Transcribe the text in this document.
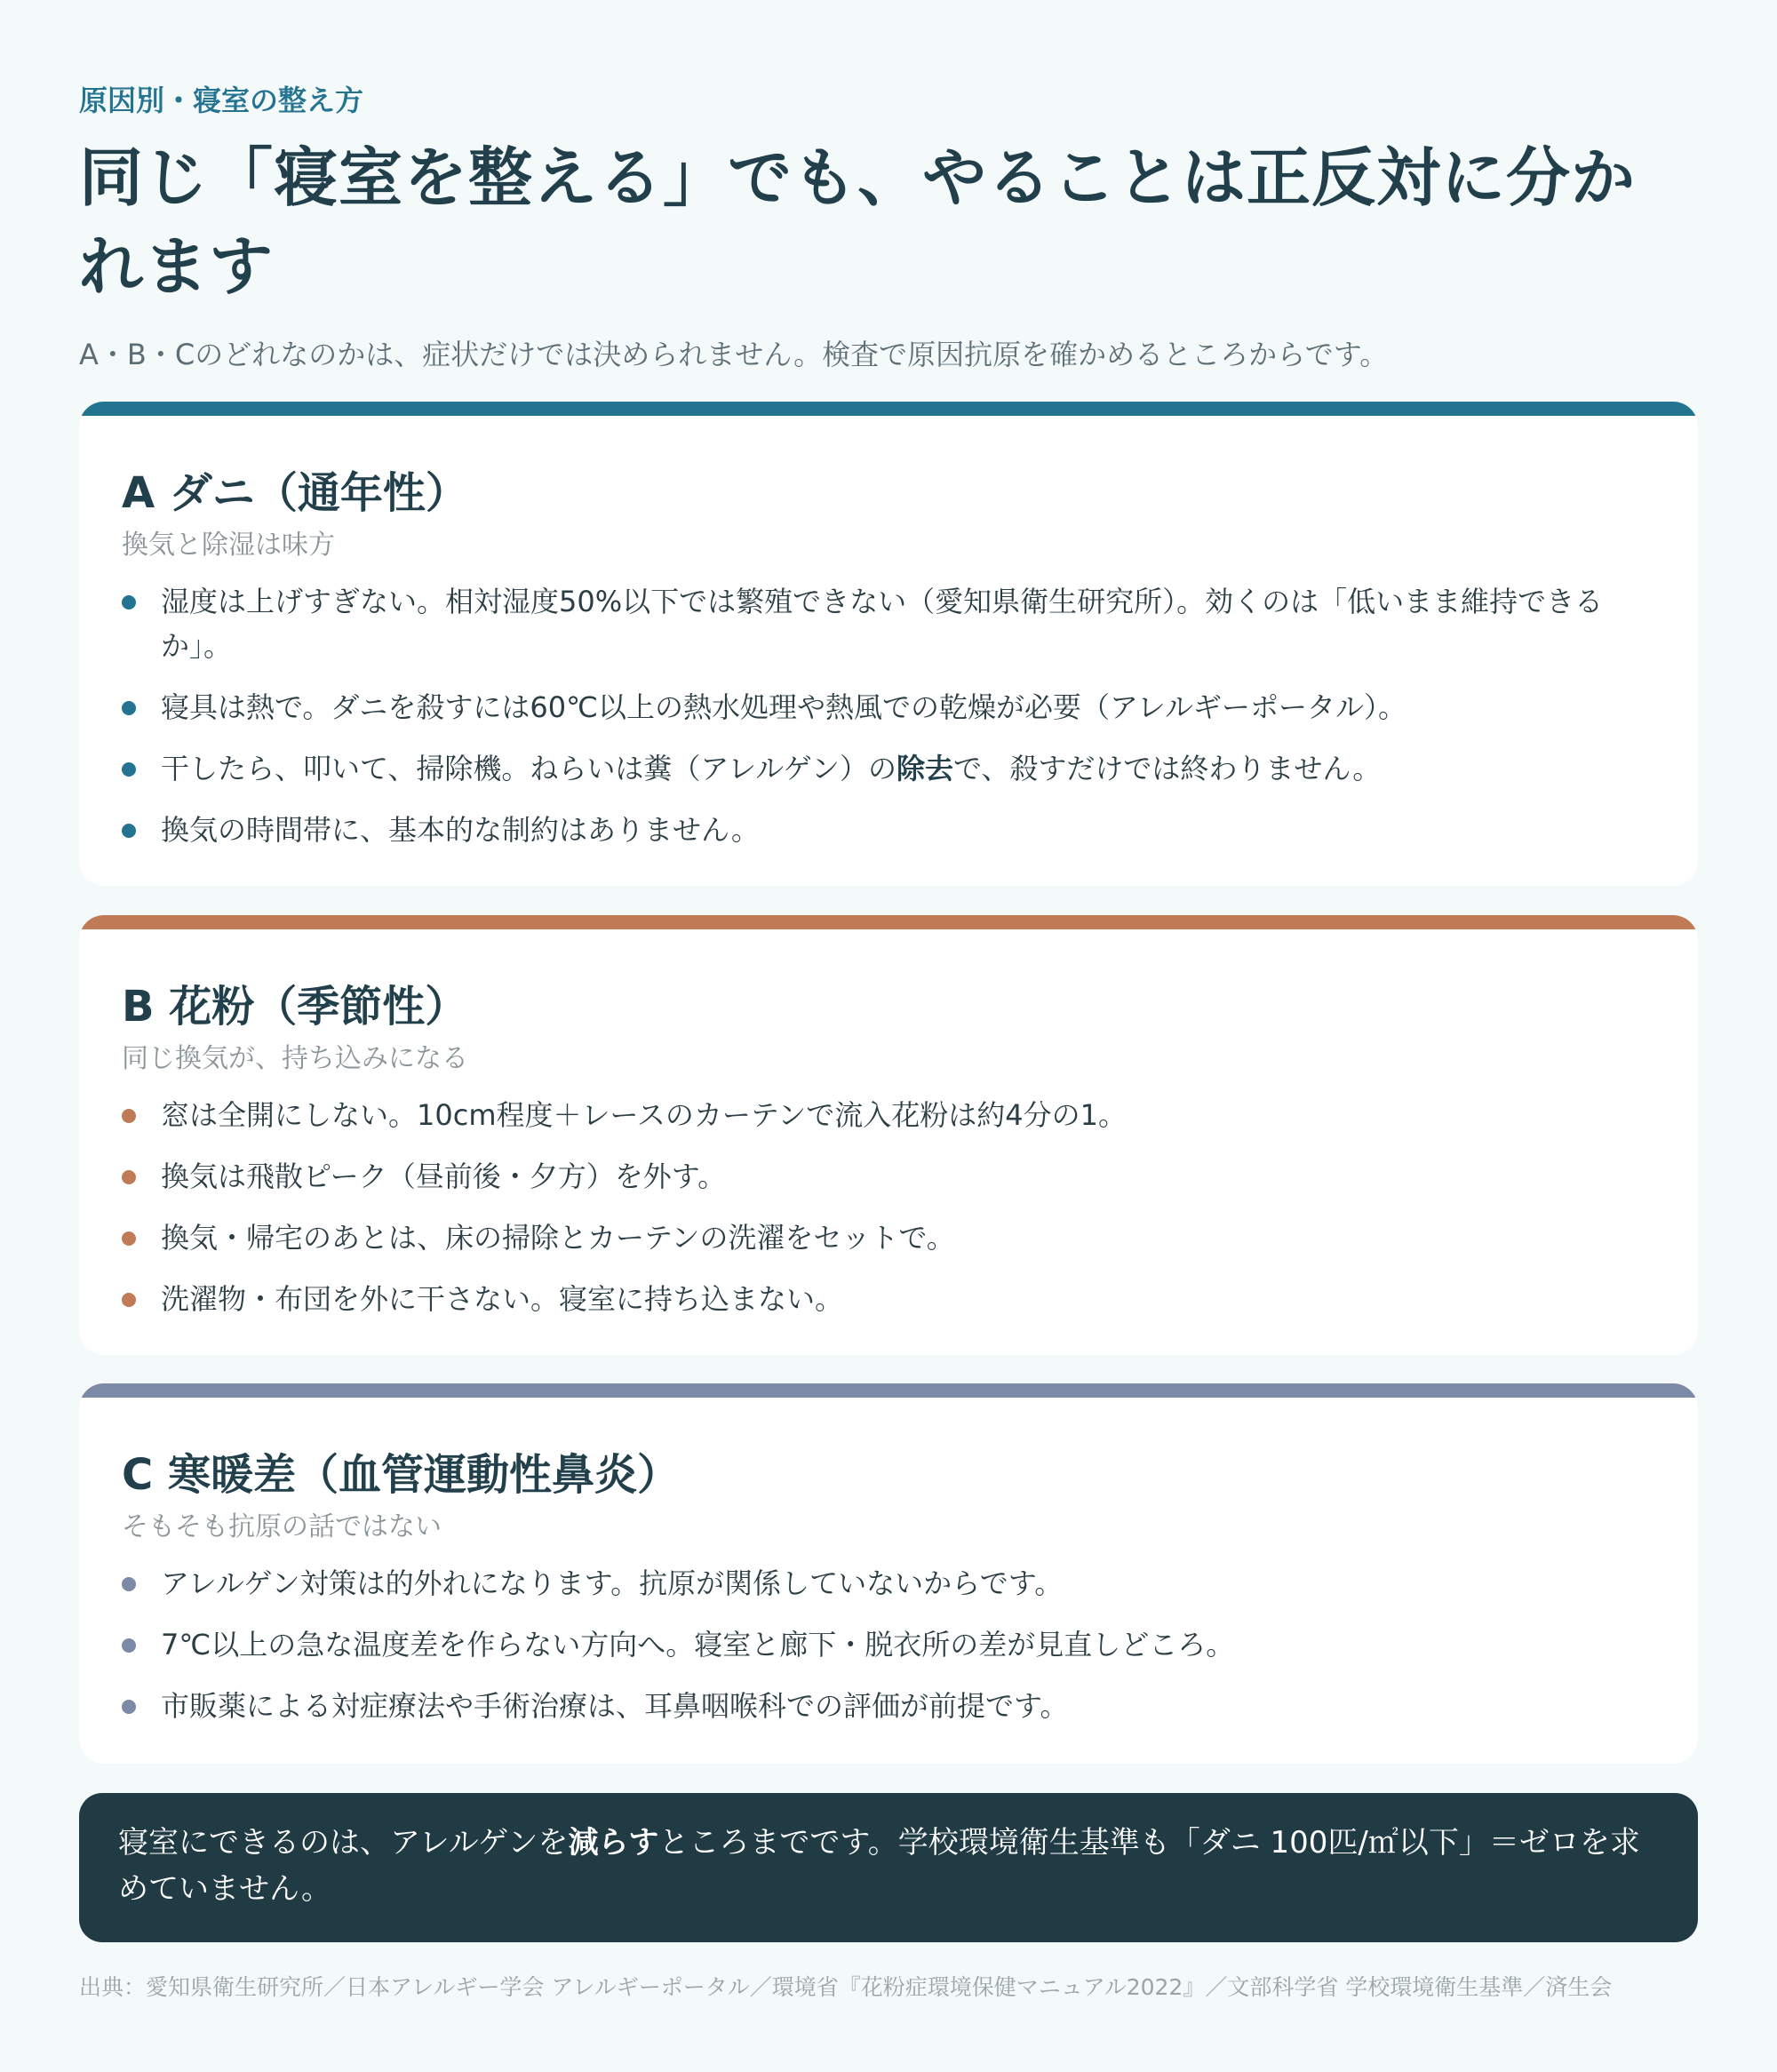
原因別・寝室の整え方
同じ「寝室を整える」でも、やることは正反対に分かれます
A・B・Cのどれなのかは、症状だけでは決められません。検査で原因抗原を確かめるところからです。
A ダニ（通年性）
換気と除湿は味方
湿度は上げすぎない。相対湿度50%以下では繁殖できない（愛知県衛生研究所）。効くのは「低いまま維持できるか」。
寝具は熱で。ダニを殺すには60℃以上の熱水処理や熱風での乾燥が必要（アレルギーポータル）。
干したら、叩いて、掃除機。ねらいは糞（アレルゲン）の除去で、殺すだけでは終わりません。
換気の時間帯に、基本的な制約はありません。
B 花粉（季節性）
同じ換気が、持ち込みになる
窓は全開にしない。10cm程度＋レースのカーテンで流入花粉は約4分の1。
換気は飛散ピーク（昼前後・夕方）を外す。
換気・帰宅のあとは、床の掃除とカーテンの洗濯をセットで。
洗濯物・布団を外に干さない。寝室に持ち込まない。
C 寒暖差（血管運動性鼻炎）
そもそも抗原の話ではない
アレルゲン対策は的外れになります。抗原が関係していないからです。
7℃以上の急な温度差を作らない方向へ。寝室と廊下・脱衣所の差が見直しどころ。
市販薬による対症療法や手術治療は、耳鼻咽喉科での評価が前提です。
寝室にできるのは、アレルゲンを減らすところまでです。学校環境衛生基準も「ダニ 100匹/㎡以下」＝ゼロを求めていません。
出典：愛知県衛生研究所／日本アレルギー学会 アレルギーポータル／環境省『花粉症環境保健マニュアル2022』／文部科学省 学校環境衛生基準／済生会
